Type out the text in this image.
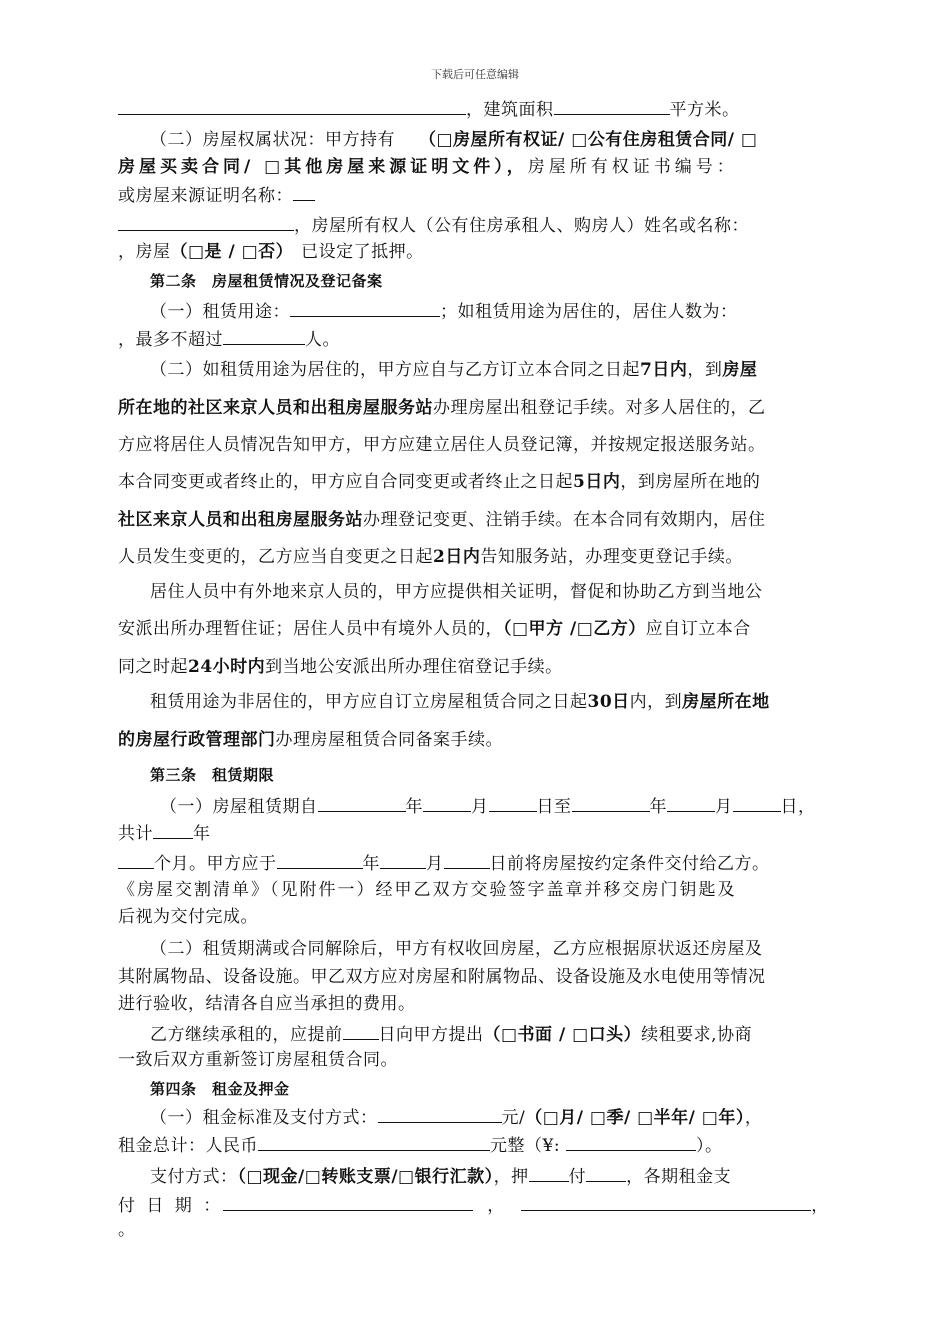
下载后可任意编辑
，建筑面积	平方米。
（二）房屋权属状况：甲方持有 （□房屋所有权证/ □公有住房租赁合同/ □
房屋买卖合同/ □其他房屋来源证明文件），房屋所有权证书编号：
或房屋来源证明名称：
，房屋所有权人（公有住房承租人、购房人）姓名或名称：
，房屋（□是 / □否） 已设定了抵押。
第二条　房屋租赁情况及登记备案
（一）租赁用途：	；如租赁用途为居住的，居住人数为：
，最多不超过	人。
（二）如租赁用途为居住的，甲方应自与乙方订立本合同之日起7日内，到房屋
所在地的社区来京人员和出租房屋服务站办理房屋出租登记手续。对多人居住的，乙
方应将居住人员情况告知甲方，甲方应建立居住人员登记簿，并按规定报送服务站。
本合同变更或者终止的，甲方应自合同变更或者终止之日起5日内，到房屋所在地的
社区来京人员和出租房屋服务站办理登记变更、注销手续。在本合同有效期内，居住
人员发生变更的，乙方应当自变更之日起2日内告知服务站，办理变更登记手续。
居住人员中有外地来京人员的，甲方应提供相关证明，督促和协助乙方到当地公
安派出所办理暂住证；居住人员中有境外人员的，（□甲方 /□乙方）应自订立本合
同之时起24小时内到当地公安派出所办理住宿登记手续。
租赁用途为非居住的，甲方应自订立房屋租赁合同之日起30日内，到房屋所在地
的房屋行政管理部门办理房屋租赁合同备案手续。
第三条　租赁期限
（一）房屋租赁期自	年	月	日至	年	月	日，
共计 年
个月。甲方应于	年	月	日前将房屋按约定条件交付给乙方。
《房屋交割清单》（见附件一）经甲乙双方交验签字盖章并移交房门钥匙及
后视为交付完成。
（二）租赁期满或合同解除后，甲方有权收回房屋，乙方应根据原状返还房屋及
其附属物品、设备设施。甲乙双方应对房屋和附属物品、设备设施及水电使用等情况
进行验收，结清各自应当承担的费用。
乙方继续承租的，应提前 日向甲方提出（□书面 / □口头）续租要求,协商
一致后双方重新签订房屋租赁合同。
第四条　租金及押金
（一）租金标准及支付方式：	元/（□月/ □季/ □半年/ □年），
租金总计：人民币	元整（¥:	）。
支付方式：（□现金/□转账支票/□银行汇款），押 付 ，各期租金支
付 日 期 ：	，	，
。
